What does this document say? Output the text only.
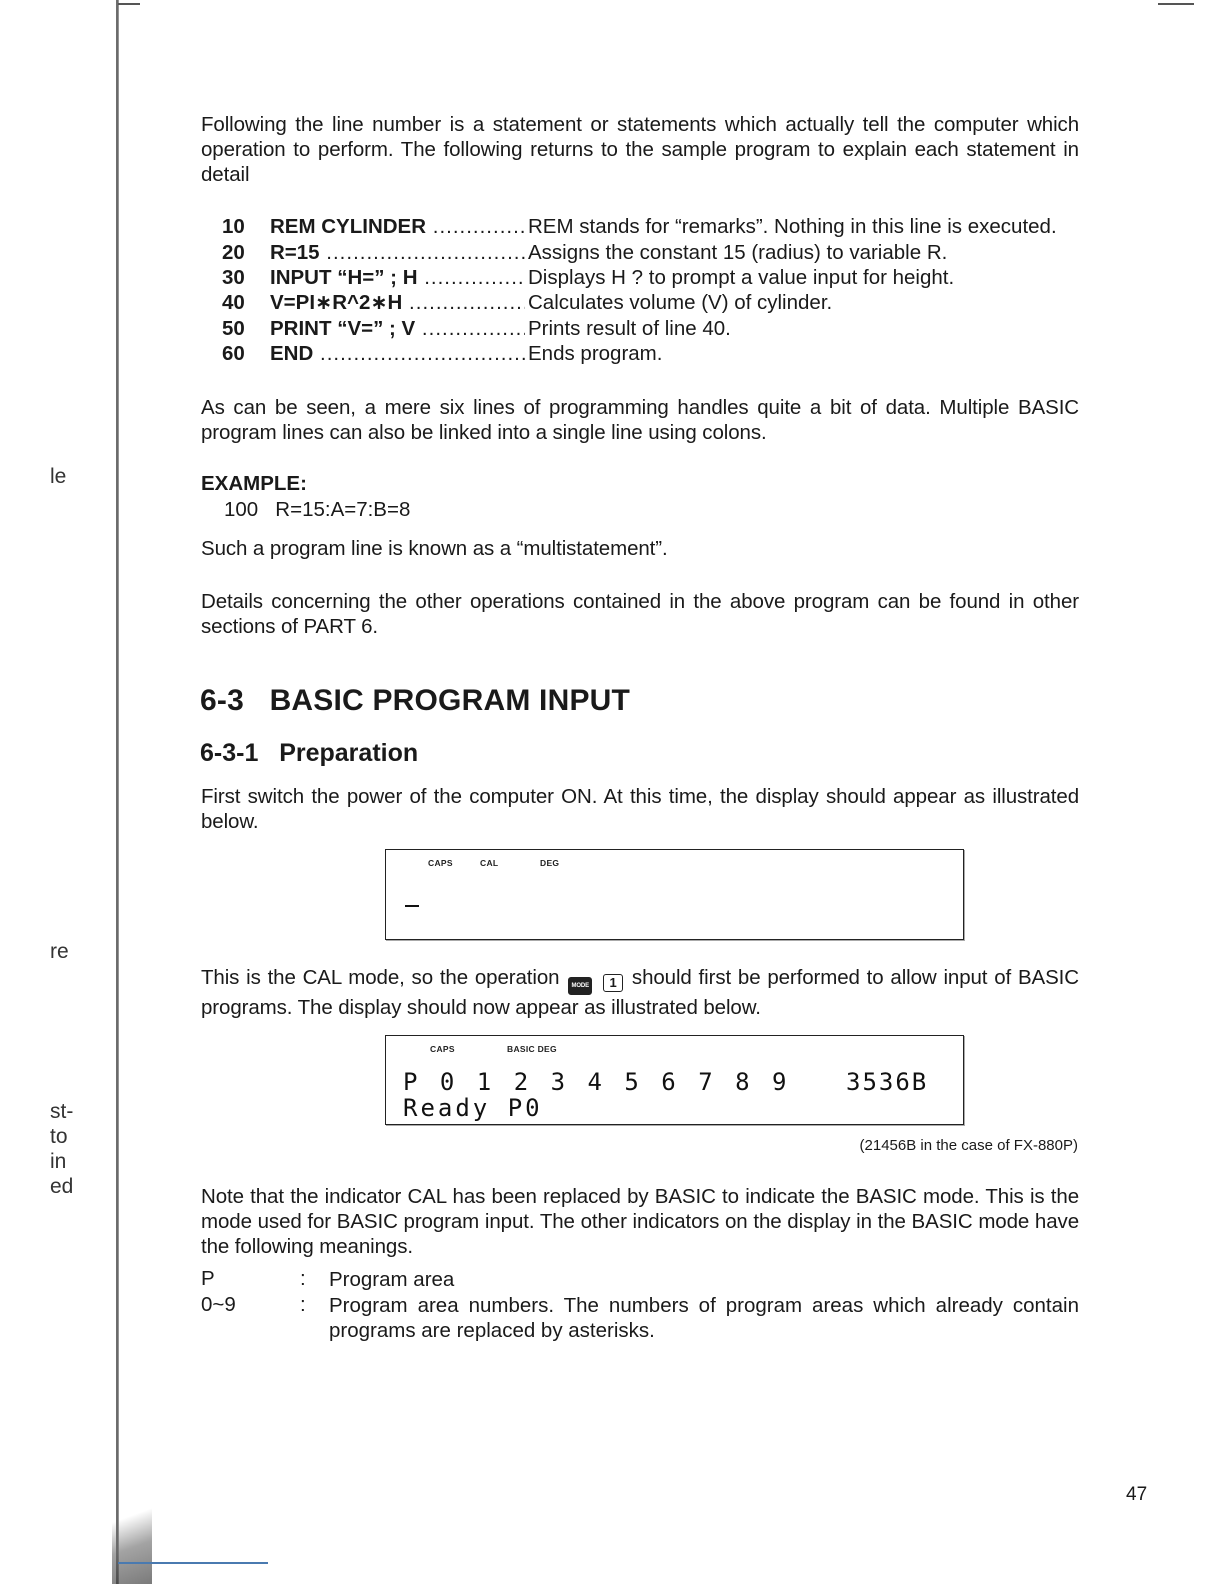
le
re
st-
to
in
ed
Following the line number is a statement or statements which actually tell the computer which operation to perform. The following returns to the sample program to explain each statement in detail
10	REM CYLINDER .....	REM stands for “remarks”. Nothing in this line is executed.
20	R=15 .....	Assigns the constant 15 (radius) to variable R.
30	INPUT “H=” ; H .....	Displays H ? to prompt a value input for height.
40	V=PI∗R^2∗H .....	Calculates volume (V) of cylinder.
50	PRINT “V=” ; V .....	Prints result of line 40.
60	END .....	Ends program.
As can be seen, a mere six lines of programming handles quite a bit of data. Multiple BASIC program lines can also be linked into a single line using colons.
EXAMPLE:
100   R=15:A=7:B=8
Such a program line is known as a “multistatement”.
Details concerning the other operations contained in the above program can be found in other sections of PART 6.
6-3   BASIC PROGRAM INPUT
6-3-1   Preparation
First switch the power of the computer ON. At this time, the display should appear as illustrated below.
CAPS	CAL	DEG
This is the CAL mode, so the operation MODE 1 should first be performed to allow input of BASIC programs. The display should now appear as illustrated below.
CAPS	BASIC DEG
P 0 1 2 3 4 5 6 7 8 9 3536B
Ready P0
(21456B in the case of FX-880P)
Note that the indicator CAL has been replaced by BASIC to indicate the BASIC mode. This is the mode used for BASIC program input. The other indicators on the display in the BASIC mode have the following meanings.
P	: Program area
0~9	: Program area numbers. The numbers of program areas which already contain programs are replaced by asterisks.
47
